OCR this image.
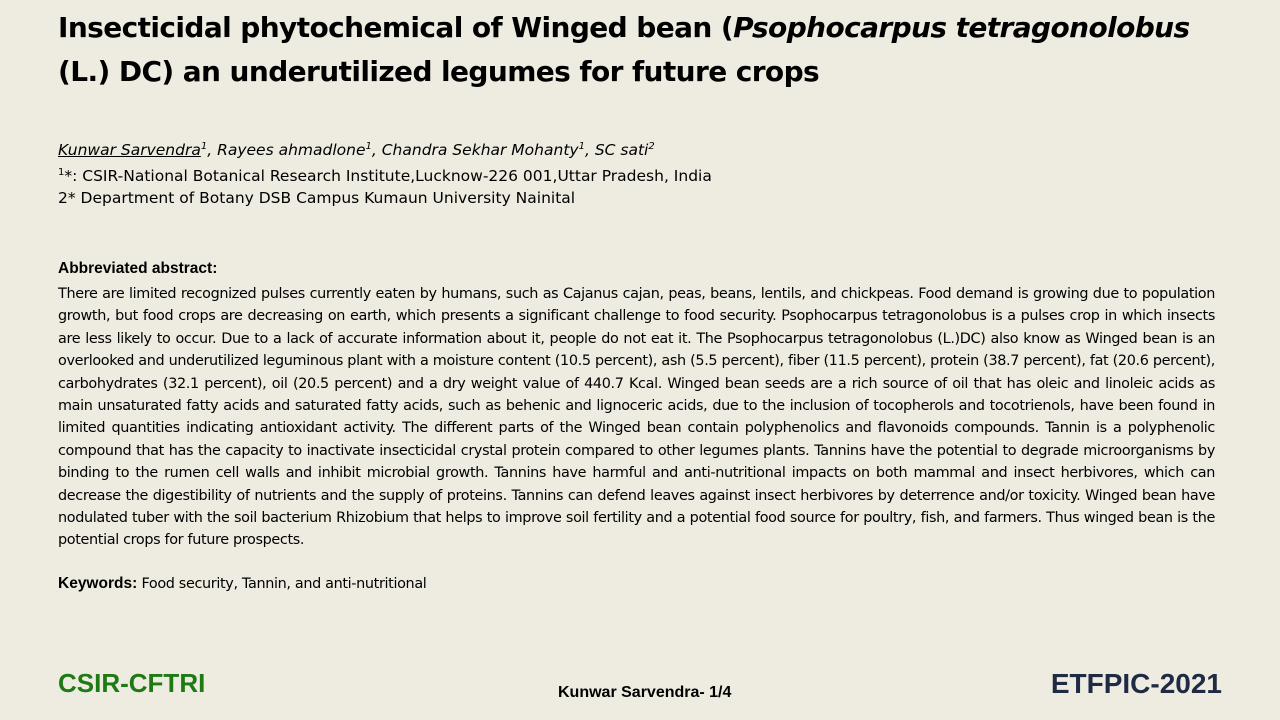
Insecticidal phytochemical of Winged bean (Psophocarpus tetragonolobus (L.) DC) an underutilized legumes for future crops
Kunwar Sarvendra$^1$, Rayees ahmadlone$^1$, Chandra Sekhar Mohanty$^1$, SC sati$^2$
$^1$*: CSIR-National Botanical Research Institute,Lucknow-226 001,Uttar Pradesh, India
2* Department of Botany DSB Campus Kumaun University Nainital
Abbreviated abstract:

There are limited recognized pulses currently eaten by humans, such as Cajanus cajan, peas, beans, lentils, and chickpeas. Food demand is growing due to population growth, but food crops are decreasing on earth, which presents a significant challenge to food security. Psophocarpus tetragonolobus is a pulses crop in which insects are less likely to occur. Due to a lack of accurate information about it, people do not eat it. The Psophocarpus tetragonolobus (L.)DC) also know as Winged bean is an overlooked and underutilized leguminous plant with a moisture content (10.5 percent), ash (5.5 percent), fiber (11.5 percent), protein (38.7 percent), fat (20.6 percent), carbohydrates (32.1 percent), oil (20.5 percent) and a dry weight value of 440.7 Kcal. Winged bean seeds are a rich source of oil that has oleic and linoleic acids as main unsaturated fatty acids and saturated fatty acids, such as behenic and lignoceric acids, due to the inclusion of tocopherols and tocotrienols, have been found in limited quantities indicating antioxidant activity. The different parts of the Winged bean contain polyphenolics and flavonoids compounds. Tannin is a polyphenolic compound that has the capacity to inactivate insecticidal crystal protein compared to other legumes plants. Tannins have the potential to degrade microorganisms by binding to the rumen cell walls and inhibit microbial growth. Tannins have harmful and anti-nutritional impacts on both mammal and insect herbivores, which can decrease the digestibility of nutrients and the supply of proteins. Tannins can defend leaves against insect herbivores by deterrence and/or toxicity. Winged bean have nodulated tuber with the soil bacterium Rhizobium that helps to improve soil fertility and a potential food source for poultry, fish, and farmers. Thus winged bean is the potential crops for future prospects.

Keywords: Food security, Tannin, and anti-nutritional
CSIR-CFTRI	Kunwar Sarvendra- 1/4	ETFPIC-2021
